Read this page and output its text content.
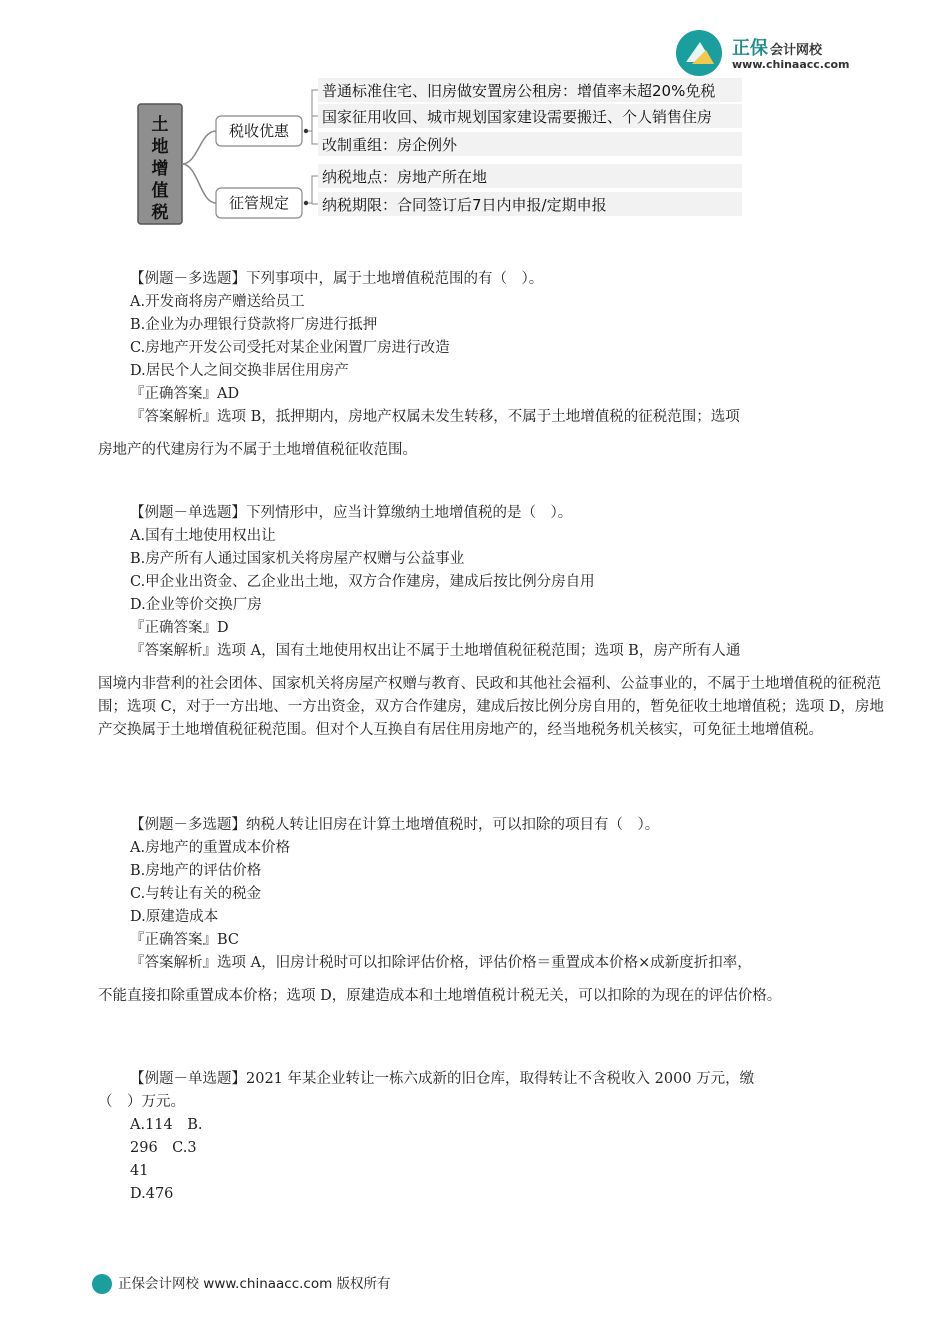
正保 会计网校
www.chinaacc.com
土
地
增
值
税
税收优惠
征管规定
普通标准住宅、旧房做安置房公租房：增值率未超20%免税
国家征用收回、城市规划国家建设需要搬迁、个人销售住房
改制重组：房企例外
纳税地点：房地产所在地
纳税期限：合同签订后7日内申报/定期申报

【例题－多选题】下列事项中，属于土地增值税范围的有（　）。

A.开发商将房产赠送给员工

B.企业为办理银行贷款将厂房进行抵押

C.房地产开发公司受托对某企业闲置厂房进行改造

D.居民个人之间交换非居住用房产

『正确答案』AD

『答案解析』选项 B，抵押期内，房地产权属未发生转移，不属于土地增值税的征税范围；选项

房地产的代建房行为不属于土地增值税征收范围。

【例题－单选题】下列情形中，应当计算缴纳土地增值税的是（　）。

A.国有土地使用权出让

B.房产所有人通过国家机关将房屋产权赠与公益事业

C.甲企业出资金、乙企业出土地，双方合作建房，建成后按比例分房自用

D.企业等价交换厂房

『正确答案』D

『答案解析』选项 A，国有土地使用权出让不属于土地增值税征税范围；选项 B，房产所有人通

国境内非营利的社会团体、国家机关将房屋产权赠与教育、民政和其他社会福利、公益事业的，不属于土地增值税的征税范围；选项 C，对于一方出地、一方出资金，双方合作建房，建成后按比例分房自用的，暂免征收土地增值税；选项 D，房地产交换属于土地增值税征税范围。但对个人互换自有居住用房地产的，经当地税务机关核实，可免征土地增值税。

【例题－多选题】纳税人转让旧房在计算土地增值税时，可以扣除的项目有（　）。

A.房地产的重置成本价格

B.房地产的评估价格

C.与转让有关的税金

D.原建造成本

『正确答案』BC

『答案解析』选项 A，旧房计税时可以扣除评估价格，评估价格＝重置成本价格×成新度折扣率，

不能直接扣除重置成本价格；选项 D，原建造成本和土地增值税计税无关，可以扣除的为现在的评估价格。

【例题－单选题】2021 年某企业转让一栋六成新的旧仓库，取得转让不含税收入 2000 万元，缴

（　）万元。

A.114　B.

296　C.3

41

D.476

正保会计网校 www.chinaacc.com 版权所有
